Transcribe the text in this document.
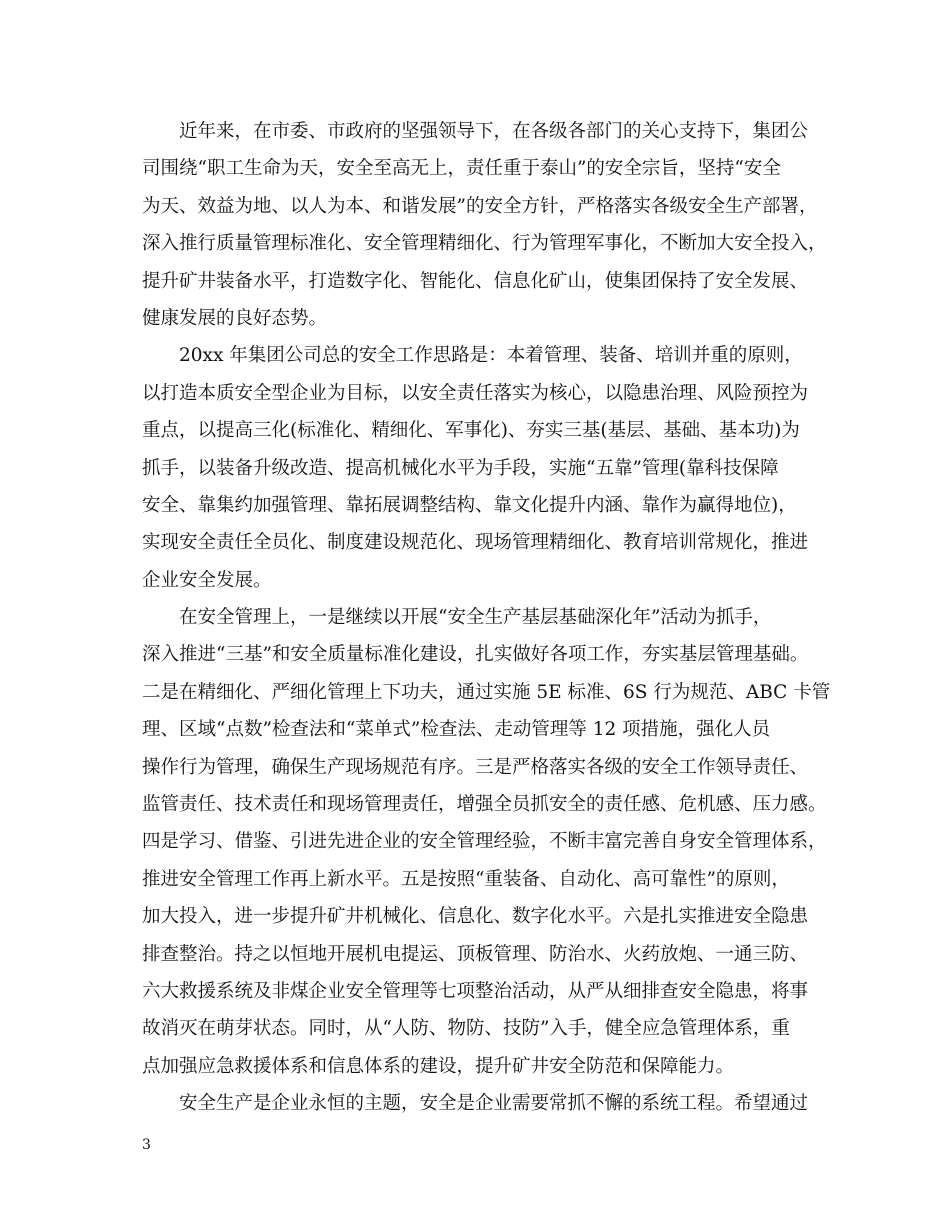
近年来，在市委、市政府的坚强领导下，在各级各部门的关心支持下，集团公
司围绕“职工生命为天，安全至高无上，责任重于泰山”的安全宗旨，坚持“安全
为天、效益为地、以人为本、和谐发展”的安全方针，严格落实各级安全生产部署，
深入推行质量管理标准化、安全管理精细化、行为管理军事化，不断加大安全投入，
提升矿井装备水平，打造数字化、智能化、信息化矿山，使集团保持了安全发展、
健康发展的良好态势。
20xx 年集团公司总的安全工作思路是：本着管理、装备、培训并重的原则，
以打造本质安全型企业为目标，以安全责任落实为核心，以隐患治理、风险预控为
重点，以提高三化(标准化、精细化、军事化)、夯实三基(基层、基础、基本功)为
抓手，以装备升级改造、提高机械化水平为手段，实施“五靠”管理(靠科技保障
安全、靠集约加强管理、靠拓展调整结构、靠文化提升内涵、靠作为赢得地位)，
实现安全责任全员化、制度建设规范化、现场管理精细化、教育培训常规化，推进
企业安全发展。
在安全管理上，一是继续以开展“安全生产基层基础深化年”活动为抓手，
深入推进“三基”和安全质量标准化建设，扎实做好各项工作，夯实基层管理基础。
二是在精细化、严细化管理上下功夫，通过实施 5E 标准、6S 行为规范、ABC 卡管
理、区域“点数”检查法和“菜单式”检查法、走动管理等 12 项措施，强化人员
操作行为管理，确保生产现场规范有序。三是严格落实各级的安全工作领导责任、
监管责任、技术责任和现场管理责任，增强全员抓安全的责任感、危机感、压力感。
四是学习、借鉴、引进先进企业的安全管理经验，不断丰富完善自身安全管理体系，
推进安全管理工作再上新水平。五是按照“重装备、自动化、高可靠性”的原则，
加大投入，进一步提升矿井机械化、信息化、数字化水平。六是扎实推进安全隐患
排查整治。持之以恒地开展机电提运、顶板管理、防治水、火药放炮、一通三防、
六大救援系统及非煤企业安全管理等七项整治活动，从严从细排查安全隐患，将事
故消灭在萌芽状态。同时，从“人防、物防、技防”入手，健全应急管理体系，重
点加强应急救援体系和信息体系的建设，提升矿井安全防范和保障能力。
安全生产是企业永恒的主题，安全是企业需要常抓不懈的系统工程。希望通过
3
